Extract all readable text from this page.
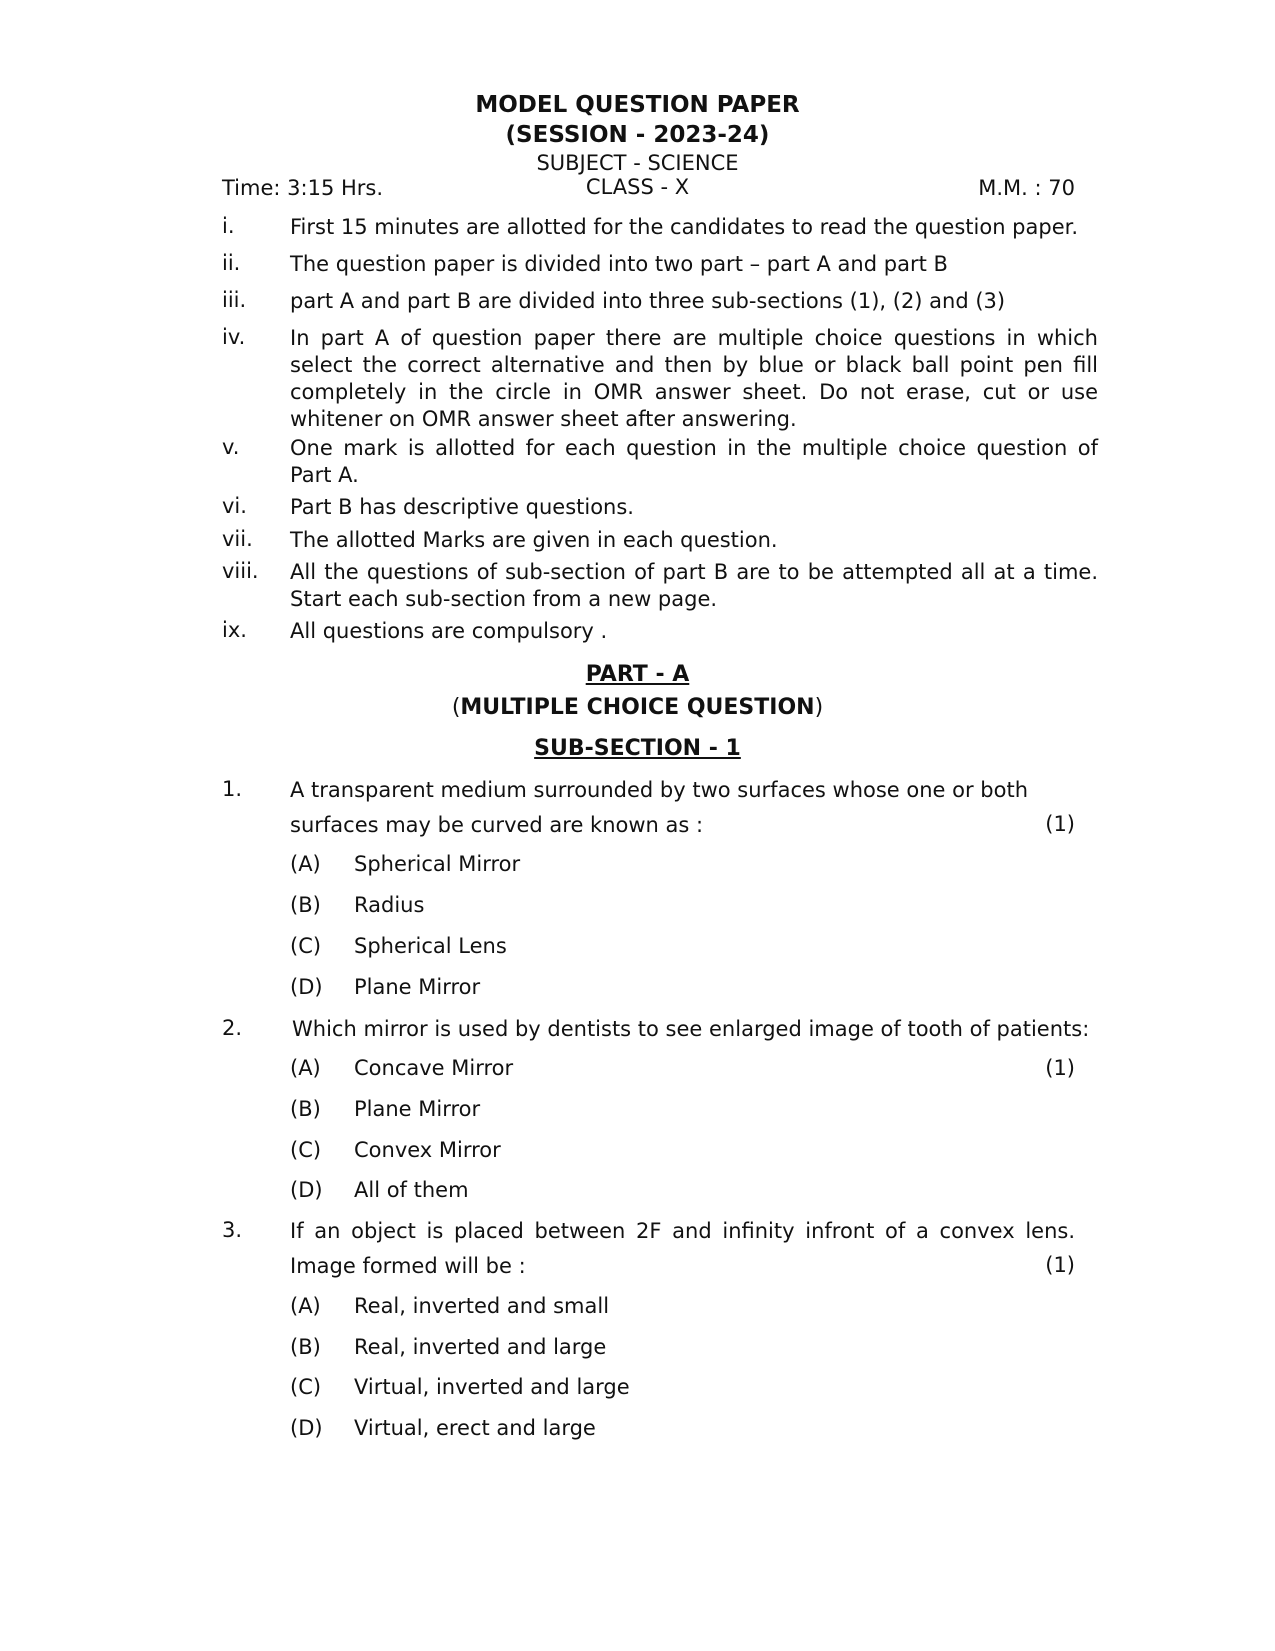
MODEL QUESTION PAPER
(SESSION - 2023-24)
SUBJECT - SCIENCE
Time: 3:15 Hrs.	CLASS - X	M.M. : 70
i.	First 15 minutes are allotted for the candidates to read the question paper.
ii. The question paper is divided into two part – part A and part B
iii. part A and part B are divided into three sub-sections (1), (2) and (3)
iv. In part A of question paper there are multiple choice questions in which select the correct alternative and then by blue or black ball point pen fill completely in the circle in OMR answer sheet. Do not erase, cut or use whitener on OMR answer sheet after answering.
v. One mark is allotted for each question in the multiple choice question of Part A.
vi. Part B has descriptive questions.
vii. The allotted Marks are given in each question.
viii. All the questions of sub-section of part B are to be attempted all at a time. Start each sub-section from a new page.
ix. All questions are compulsory .
PART - A
(MULTIPLE CHOICE QUESTION)
SUB-SECTION - 1
1. A transparent medium surrounded by two surfaces whose one or both
surfaces may be curved are known as :	(1)
(A) Spherical Mirror
(B) Radius
(C) Spherical Lens
(D) Plane Mirror
2. Which mirror is used by dentists to see enlarged image of tooth of patients:
(A) Concave Mirror	(1)
(B) Plane Mirror
(C) Convex Mirror
(D) All of them
3. If an object is placed between 2F and infinity infront of a convex lens.
Image formed will be :	(1)
(A) Real, inverted and small
(B) Real, inverted and large
(C) Virtual, inverted and large
(D) Virtual, erect and large
